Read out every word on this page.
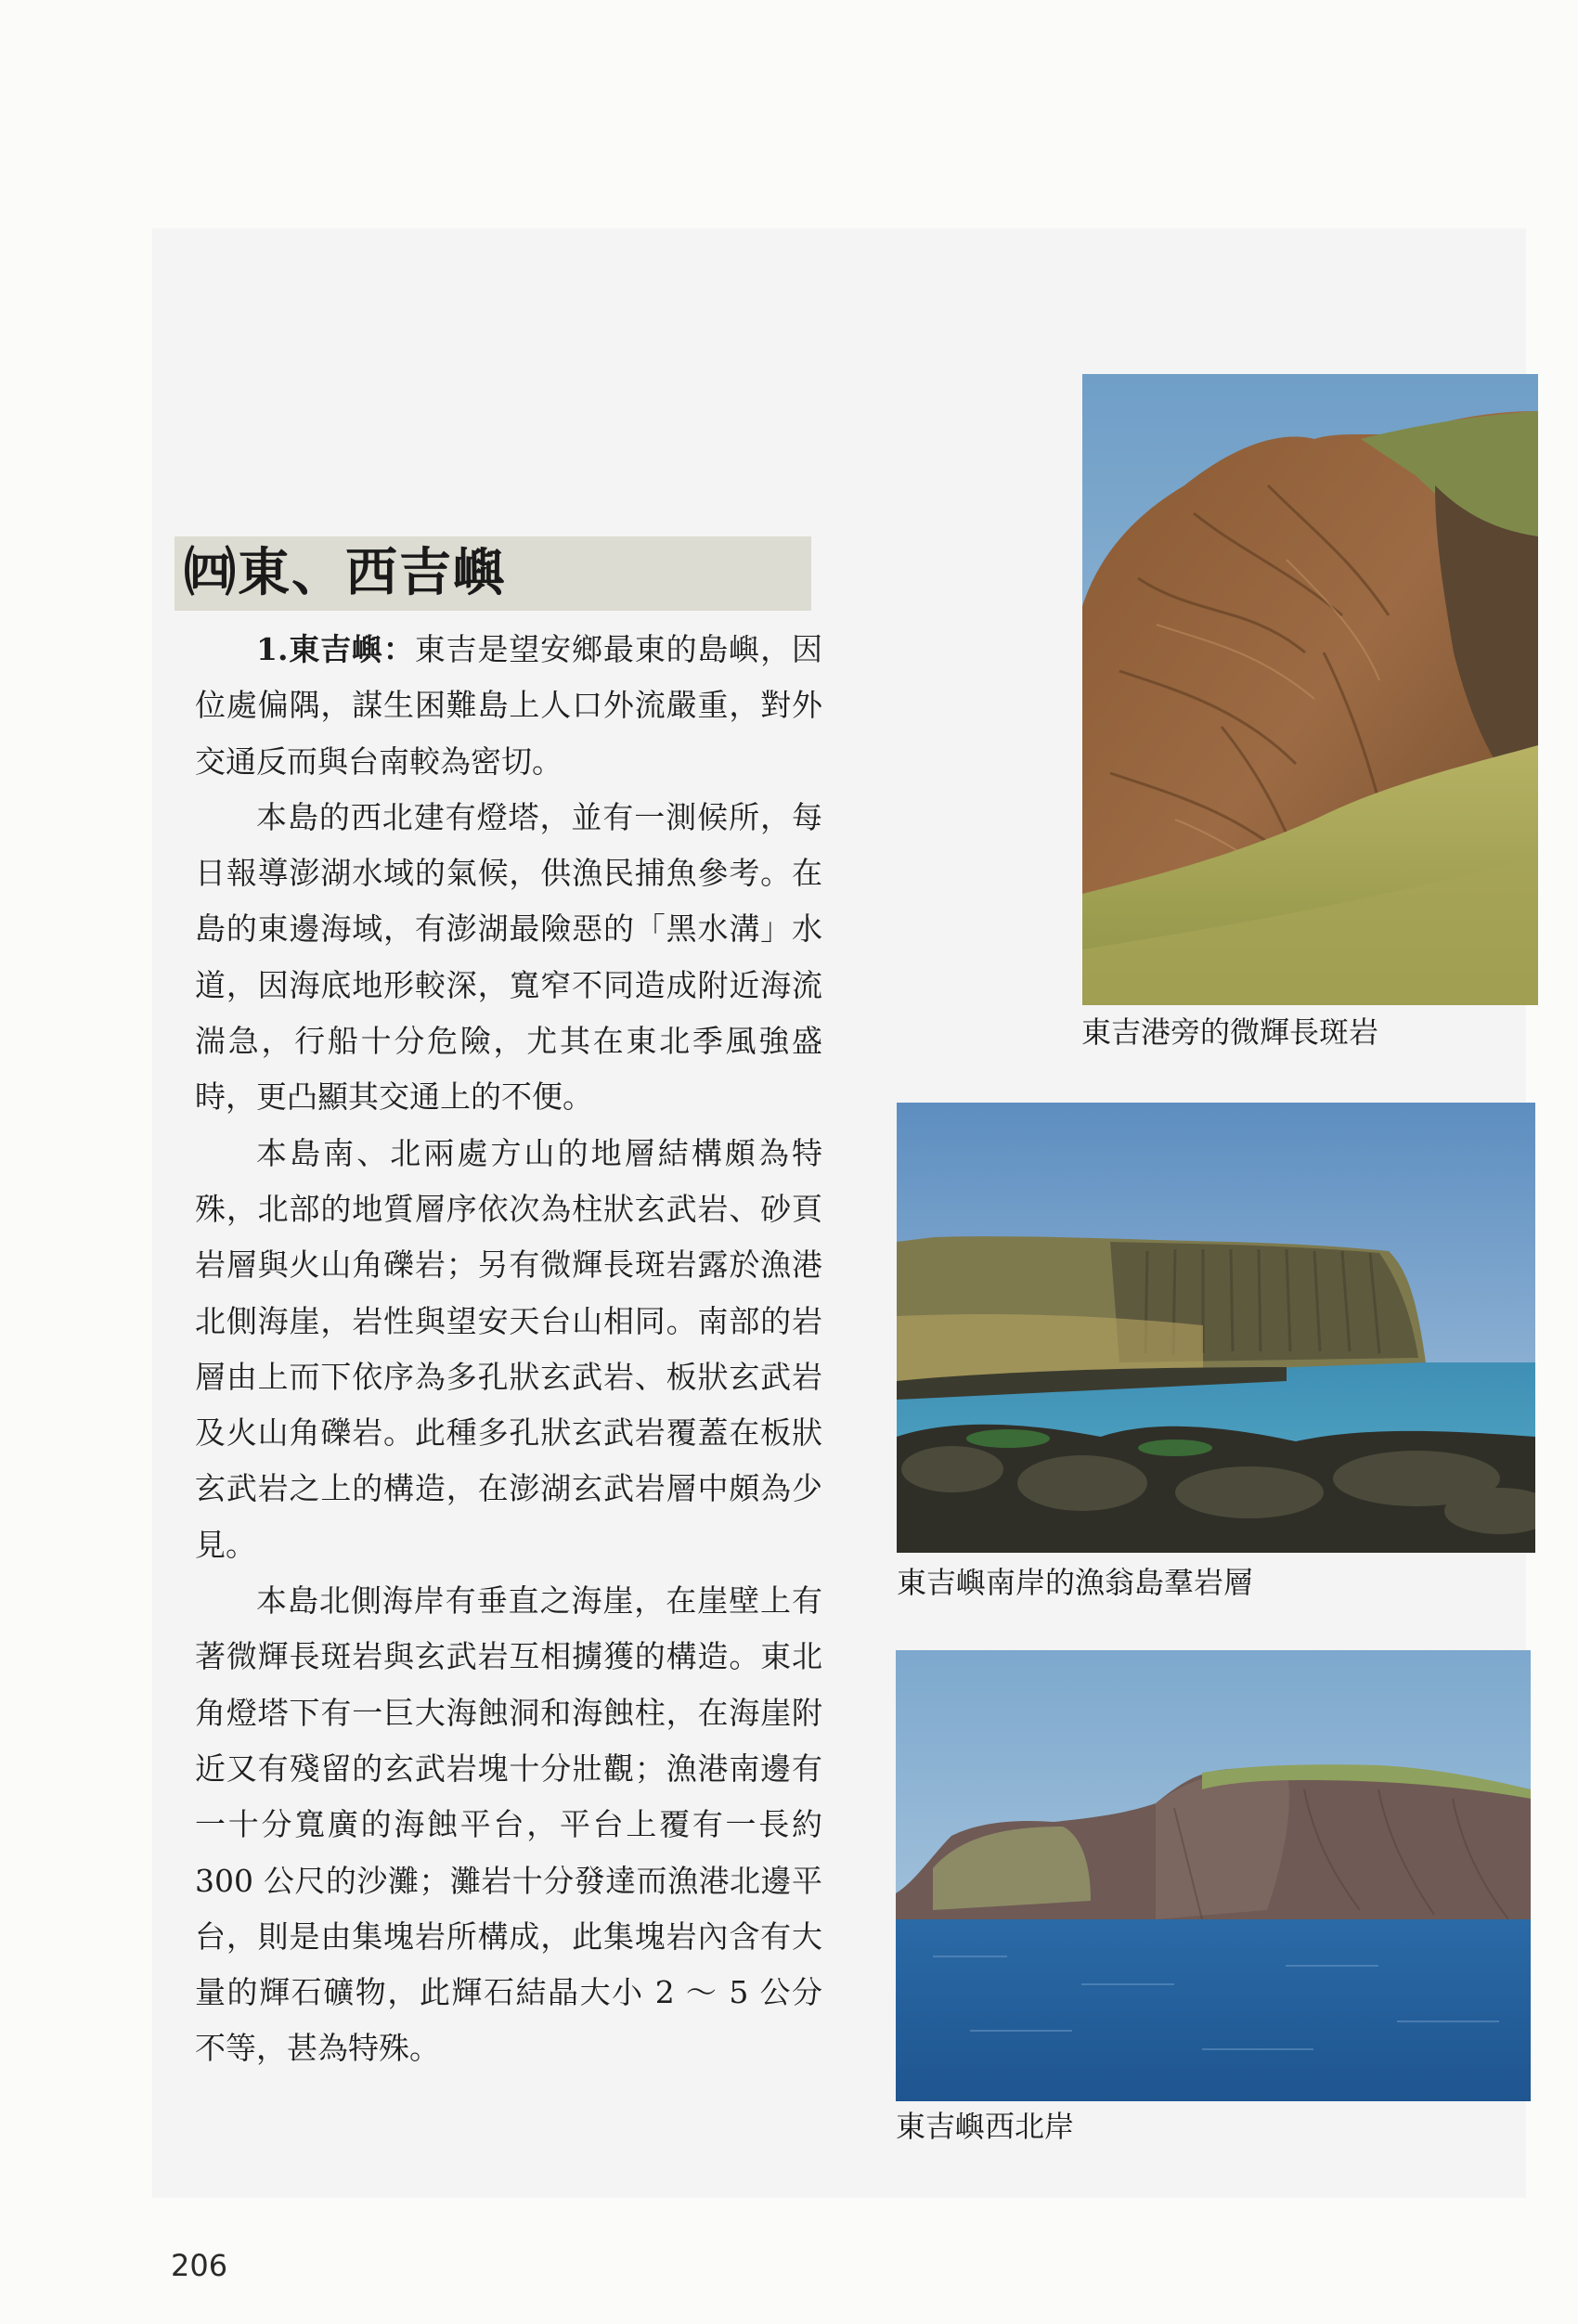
㈣東、西吉嶼

1.東吉嶼：東吉是望安鄉最東的島嶼，因位處偏隅，謀生困難島上人口外流嚴重，對外交通反而與台南較為密切。

本島的西北建有燈塔，並有一測候所，每日報導澎湖水域的氣候，供漁民捕魚參考。在島的東邊海域，有澎湖最險惡的「黑水溝」水道，因海底地形較深，寬窄不同造成附近海流湍急，行船十分危險，尤其在東北季風強盛時，更凸顯其交通上的不便。

本島南、北兩處方山的地層結構頗為特殊，北部的地質層序依次為柱狀玄武岩、砂頁岩層與火山角礫岩；另有微輝長斑岩露於漁港北側海崖，岩性與望安天台山相同。南部的岩層由上而下依序為多孔狀玄武岩、板狀玄武岩及火山角礫岩。此種多孔狀玄武岩覆蓋在板狀玄武岩之上的構造，在澎湖玄武岩層中頗為少見。

本島北側海岸有垂直之海崖，在崖壁上有著微輝長斑岩與玄武岩互相擄獲的構造。東北角燈塔下有一巨大海蝕洞和海蝕柱，在海崖附近又有殘留的玄武岩塊十分壯觀；漁港南邊有一十分寬廣的海蝕平台，平台上覆有一長約 300 公尺的沙灘；灘岩十分發達而漁港北邊平台，則是由集塊岩所構成，此集塊岩內含有大量的輝石礦物，此輝石結晶大小 2 ～ 5 公分不等，甚為特殊。

東吉港旁的微輝長斑岩
東吉嶼南岸的漁翁島羣岩層
東吉嶼西北岸
206
